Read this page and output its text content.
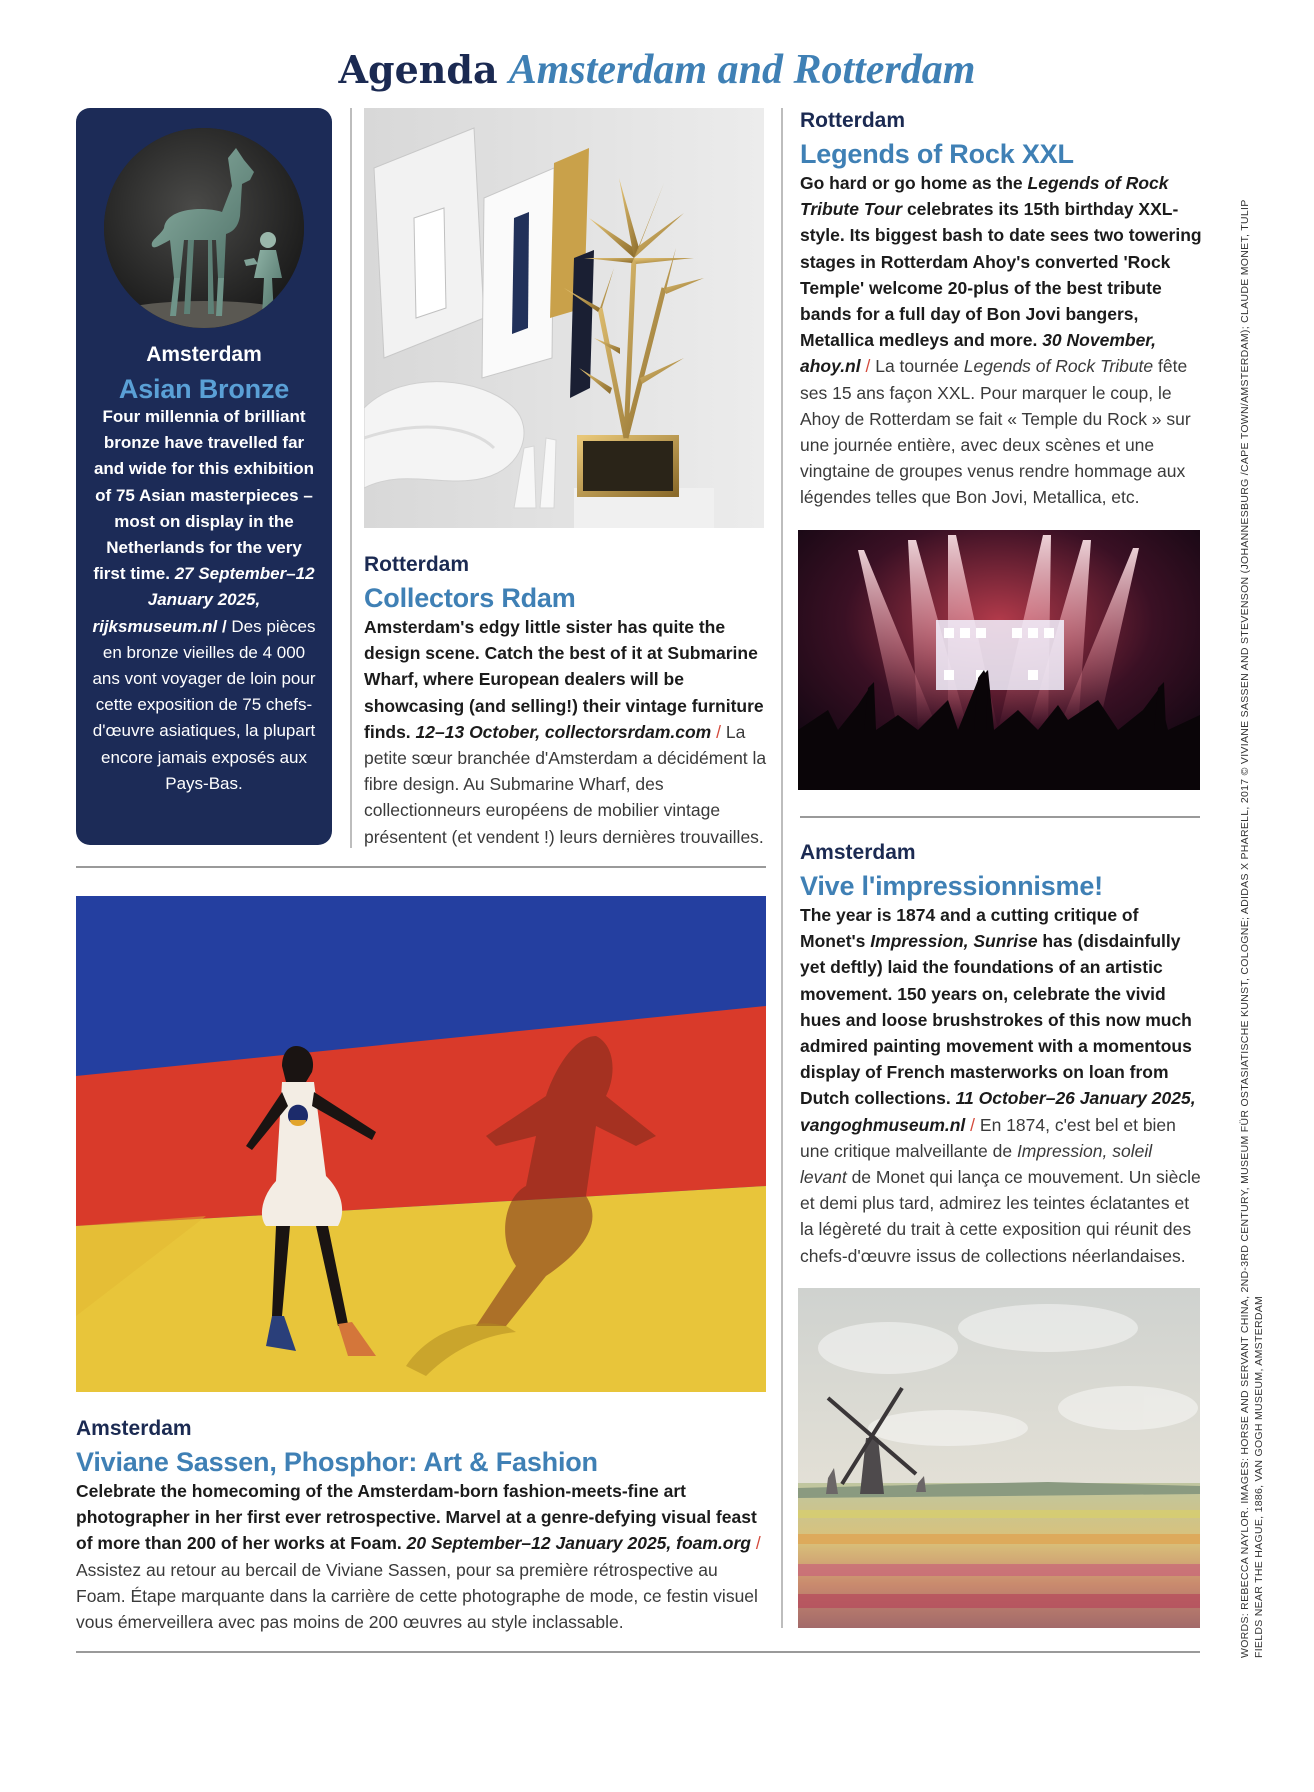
Agenda Amsterdam and Rotterdam
Amsterdam
Asian Bronze
Four millennia of brilliant bronze have travelled far and wide for this exhibition of 75 Asian masterpieces – most on display in the Netherlands for the very first time. 27 September–12 January 2025, rijksmuseum.nl / Des pièces en bronze vieilles de 4 000 ans vont voyager de loin pour cette exposition de 75 chefs-d'œuvre asiatiques, la plupart encore jamais exposés aux Pays-Bas.
Rotterdam
Collectors Rdam
Amsterdam's edgy little sister has quite the design scene. Catch the best of it at Submarine Wharf, where European dealers will be showcasing (and selling!) their vintage furniture finds. 12–13 October, collectorsrdam.com / La petite sœur branchée d'Amsterdam a décidément la fibre design. Au Submarine Wharf, des collectionneurs européens de mobilier vintage présentent (et vendent !) leurs dernières trouvailles.
Rotterdam
Legends of Rock XXL
Go hard or go home as the Legends of Rock Tribute Tour celebrates its 15th birthday XXL-style. Its biggest bash to date sees two towering stages in Rotterdam Ahoy's converted 'Rock Temple' welcome 20-plus of the best tribute bands for a full day of Bon Jovi bangers, Metallica medleys and more. 30 November, ahoy.nl / La tournée Legends of Rock Tribute fête ses 15 ans façon XXL. Pour marquer le coup, le Ahoy de Rotterdam se fait « Temple du Rock » sur une journée entière, avec deux scènes et une vingtaine de groupes venus rendre hommage aux légendes telles que Bon Jovi, Metallica, etc.
Amsterdam
Vive l'impressionnisme!
The year is 1874 and a cutting critique of Monet's Impression, Sunrise has (disdainfully yet deftly) laid the foundations of an artistic movement. 150 years on, celebrate the vivid hues and loose brushstrokes of this now much admired painting movement with a momentous display of French masterworks on loan from Dutch collections. 11 October–26 January 2025, vangoghmuseum.nl / En 1874, c'est bel et bien une critique malveillante de Impression, soleil levant de Monet qui lança ce mouvement. Un siècle et demi plus tard, admirez les teintes éclatantes et la légèreté du trait à cette exposition qui réunit des chefs-d'œuvre issus de collections néerlandaises.
Amsterdam
Viviane Sassen, Phosphor: Art & Fashion
Celebrate the homecoming of the Amsterdam-born fashion-meets-fine art photographer in her first ever retrospective. Marvel at a genre-defying visual feast of more than 200 of her works at Foam. 20 September–12 January 2025, foam.org / Assistez au retour au bercail de Viviane Sassen, pour sa première rétrospective au Foam. Étape marquante dans la carrière de cette photographe de mode, ce festin visuel vous émerveillera avec pas moins de 200 œuvres au style inclassable.	WORDS: REBECCA NAYLOR. IMAGES: HORSE AND SERVANT CHINA, 2ND-3RD CENTURY, MUSEUM FÜR OSTASIATISCHE KUNST, COLOGNE; ADIDAS X PHARELL, 2017 © VIVIANE SASSEN AND STEVENSON (JOHANNESBURG /CAPE TOWN/AMSTERDAM); CLAUDE MONET, TULIP FIELDS NEAR THE HAGUE, 1886, VAN GOGH MUSEUM, AMSTERDAM
